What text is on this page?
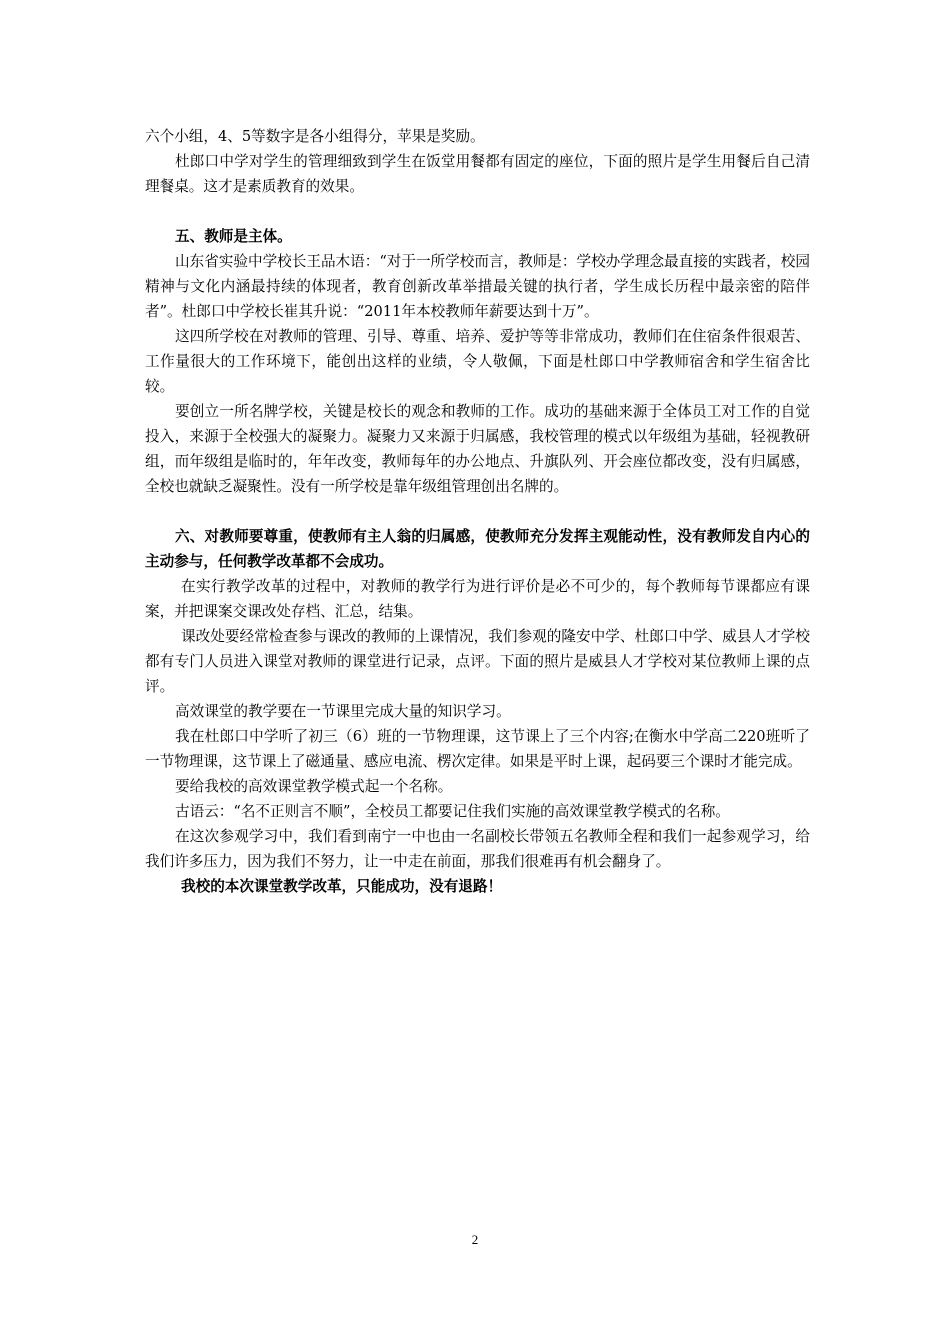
六个小组，4、5等数字是各小组得分，苹果是奖励。

杜郎口中学对学生的管理细致到学生在饭堂用餐都有固定的座位，下面的照片是学生用餐后自己清理餐桌。这才是素质教育的效果。

五、教师是主体。

山东省实验中学校长王品木语：“对于一所学校而言，教师是：学校办学理念最直接的实践者，校园精神与文化内涵最持续的体现者，教育创新改革举措最关键的执行者，学生成长历程中最亲密的陪伴者”。杜郎口中学校长崔其升说：“2011年本校教师年薪要达到十万”。

这四所学校在对教师的管理、引导、尊重、培养、爱护等等非常成功，教师们在住宿条件很艰苦、工作量很大的工作环境下，能创出这样的业绩，令人敬佩，下面是杜郎口中学教师宿舍和学生宿舍比较。

要创立一所名牌学校，关键是校长的观念和教师的工作。成功的基础来源于全体员工对工作的自觉投入，来源于全校强大的凝聚力。凝聚力又来源于归属感，我校管理的模式以年级组为基础，轻视教研组，而年级组是临时的，年年改变，教师每年的办公地点、升旗队列、开会座位都改变，没有归属感，全校也就缺乏凝聚性。没有一所学校是靠年级组管理创出名牌的。

六、对教师要尊重，使教师有主人翁的归属感，使教师充分发挥主观能动性，没有教师发自内心的主动参与，任何教学改革都不会成功。

在实行教学改革的过程中，对教师的教学行为进行评价是必不可少的，每个教师每节课都应有课案，并把课案交课改处存档、汇总，结集。

课改处要经常检查参与课改的教师的上课情况，我们参观的隆安中学、杜郎口中学、威县人才学校都有专门人员进入课堂对教师的课堂进行记录，点评。下面的照片是威县人才学校对某位教师上课的点评。

高效课堂的教学要在一节课里完成大量的知识学习。

我在杜郎口中学听了初三（6）班的一节物理课，这节课上了三个内容;在衡水中学高二220班听了一节物理课，这节课上了磁通量、感应电流、楞次定律。如果是平时上课，起码要三个课时才能完成。

要给我校的高效课堂教学模式起一个名称。

古语云：“名不正则言不顺”，全校员工都要记住我们实施的高效课堂教学模式的名称。

在这次参观学习中，我们看到南宁一中也由一名副校长带领五名教师全程和我们一起参观学习，给我们许多压力，因为我们不努力，让一中走在前面，那我们很难再有机会翻身了。

我校的本次课堂教学改革，只能成功，没有退路！

2
